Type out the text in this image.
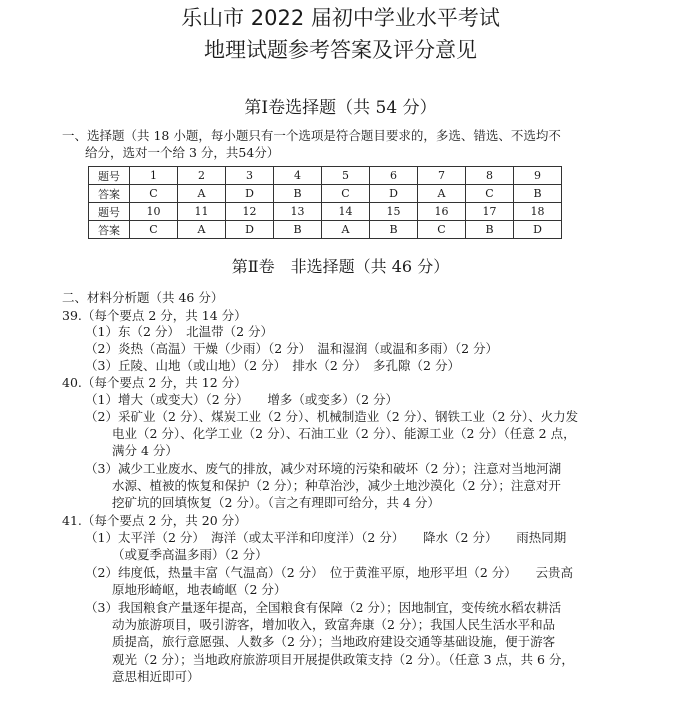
乐山市 2022 届初中学业水平考试
地理试题参考答案及评分意见
第Ⅰ卷选择题（共 54 分）
一、选择题（共 18 小题，每小题只有一个选项是符合题目要求的，多选、错选、不选均不
给分，选对一个给 3 分，共54分）
题号	1	2	3	4	5	6	7	8	9
答案	C	A	D	B	C	D	A	C	B
题号	10	11	12	13	14	15	16	17	18
答案	C	A	D	B	A	B	C	B	D
第Ⅱ卷　非选择题（共 46 分）
二、材料分析题（共 46 分）
39.（每个要点 2 分，共 14 分）
（1）东（2 分）　北温带（2 分）
（2）炎热（高温）干燥（少雨）（2 分）　温和湿润（或温和多雨）（2 分）
（3）丘陵、山地（或山地）（2 分）　排水（2 分）　多孔隙（2 分）
40.（每个要点 2 分，共 12 分）
（1）增大（或变大）（2 分）　　增多（或变多）（2 分）
（2）采矿业（2 分）、煤炭工业（2 分）、机械制造业（2 分）、钢铁工业（2 分）、火力发
电业（2 分）、化学工业（2 分）、石油工业（2 分）、能源工业（2 分）（任意 2 点，
满分 4 分）
（3）减少工业废水、废气的排放，减少对环境的污染和破坏（2 分）；注意对当地河湖
水源、植被的恢复和保护（2 分）；种草治沙，减少土地沙漠化（2 分）；注意对开
挖矿坑的回填恢复（2 分）。（言之有理即可给分，共 4 分）
41.（每个要点 2 分，共 20 分）
（1）太平洋（2 分）　海洋（或太平洋和印度洋）（2 分）　　降水（2 分）　　雨热同期
（或夏季高温多雨）（2 分）
（2）纬度低，热量丰富（气温高）（2 分）　位于黄淮平原，地形平坦（2 分）　　云贵高
原地形崎岖，地表崎岖（2 分）
（3）我国粮食产量逐年提高，全国粮食有保障（2 分）；因地制宜，变传统水稻农耕活
动为旅游项目，吸引游客，增加收入，致富奔康（2 分）；我国人民生活水平和品
质提高，旅行意愿强、人数多（2 分）；当地政府建设交通等基础设施，便于游客
观光（2 分）；当地政府旅游项目开展提供政策支持（2 分）。（任意 3 点，共 6 分，
意思相近即可）
